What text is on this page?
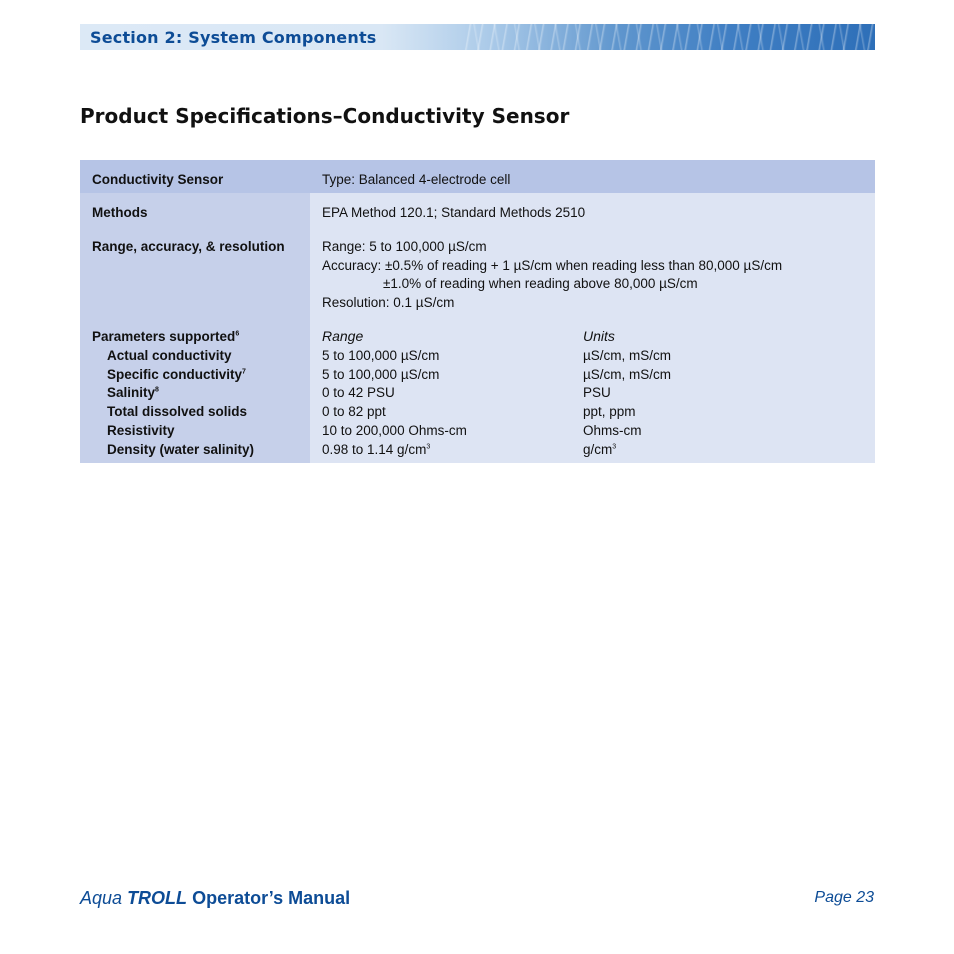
Section 2: System Components
Product Specifications–Conductivity Sensor
Conductivity Sensor	Type: Balanced 4-electrode cell
Methods	EPA Method 120.1; Standard Methods 2510
Range, accuracy, & resolution	Range: 5 to 100,000 µS/cm
Accuracy: ±0.5% of reading + 1 µS/cm when reading less than 80,000 µS/cm
±1.0% of reading when reading above 80,000 µS/cm
Resolution: 0.1 µS/cm
Parameters supported$^6$	Range	Units
Actual conductivity	5 to 100,000 µS/cm	µS/cm, mS/cm
Specific conductivity$^7$	5 to 100,000 µS/cm	µS/cm, mS/cm
Salinity$^8$	0 to 42 PSU	PSU
Total dissolved solids	0 to 82 ppt	ppt, ppm
Resistivity	10 to 200,000 Ohms-cm	Ohms-cm
Density (water salinity)	0.98 to 1.14 $g/cm^3$	$g/cm^3$
Aqua TROLL Operator’s Manual	Page 23
